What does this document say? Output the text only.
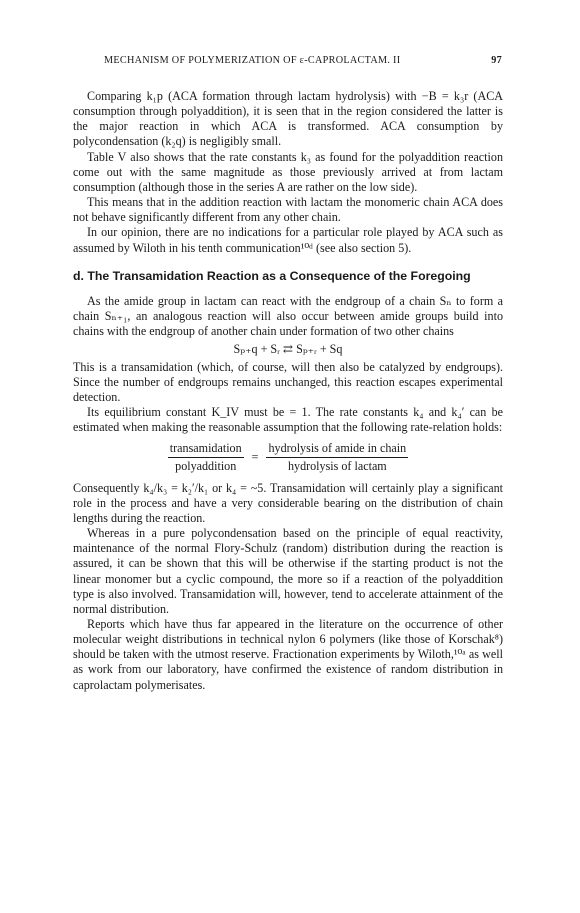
MECHANISM OF POLYMERIZATION OF ε-CAPROLACTAM. II	97

Comparing k₁p (ACA formation through lactam hydrolysis) with −B = k₃r (ACA consumption through polyaddition), it is seen that in the region considered the latter is the major reaction in which ACA is transformed. ACA consumption by polycondensation (k₂q) is negligibly small.

Table V also shows that the rate constants k₃ as found for the polyaddition reaction come out with the same magnitude as those previously arrived at from lactam consumption (although those in the series A are rather on the low side).

This means that in the addition reaction with lactam the monomeric chain ACA does not behave significantly different from any other chain.

In our opinion, there are no indications for a particular role played by ACA such as assumed by Wiloth in his tenth communication¹⁰ᵈ (see also section 5).

d. The Transamidation Reaction as a Consequence of the Foregoing

As the amide group in lactam can react with the endgroup of a chain Sₙ to form a chain Sₙ₊₁, an analogous reaction will also occur between amide groups build into chains with the endgroup of another chain under formation of two other chains

Sₚ₊q + Sᵣ ⇄ Sₚ₊ᵣ + Sq

This is a transamidation (which, of course, will then also be catalyzed by endgroups). Since the number of endgroups remains unchanged, this reaction escapes experimental detection.

Its equilibrium constant K_IV must be = 1. The rate constants k₄ and k₄′ can be estimated when making the reasonable assumption that the following rate-relation holds:

$\frac{\text{transamidation}}{\text{polyaddition}} = \frac{\text{hydrolysis of amide in chain}}{\text{hydrolysis of lactam}}$

Consequently k₄/k₃ = k₂′/k₁ or k₄ = ~5. Transamidation will certainly play a significant role in the process and have a very considerable bearing on the distribution of chain lengths during the reaction.

Whereas in a pure polycondensation based on the principle of equal reactivity, maintenance of the normal Flory-Schulz (random) distribution during the reaction is assured, it can be shown that this will be otherwise if the starting product is not the linear monomer but a cyclic compound, the more so if a reaction of the polyaddition type is also involved. Transamidation will, however, tend to accelerate attainment of the normal distribution.

Reports which have thus far appeared in the literature on the occurrence of other molecular weight distributions in technical nylon 6 polymers (like those of Korschak⁸) should be taken with the utmost reserve. Fractionation experiments by Wiloth,¹⁰ᵃ as well as work from our laboratory, have confirmed the existence of random distribution in caprolactam polymerisates.
